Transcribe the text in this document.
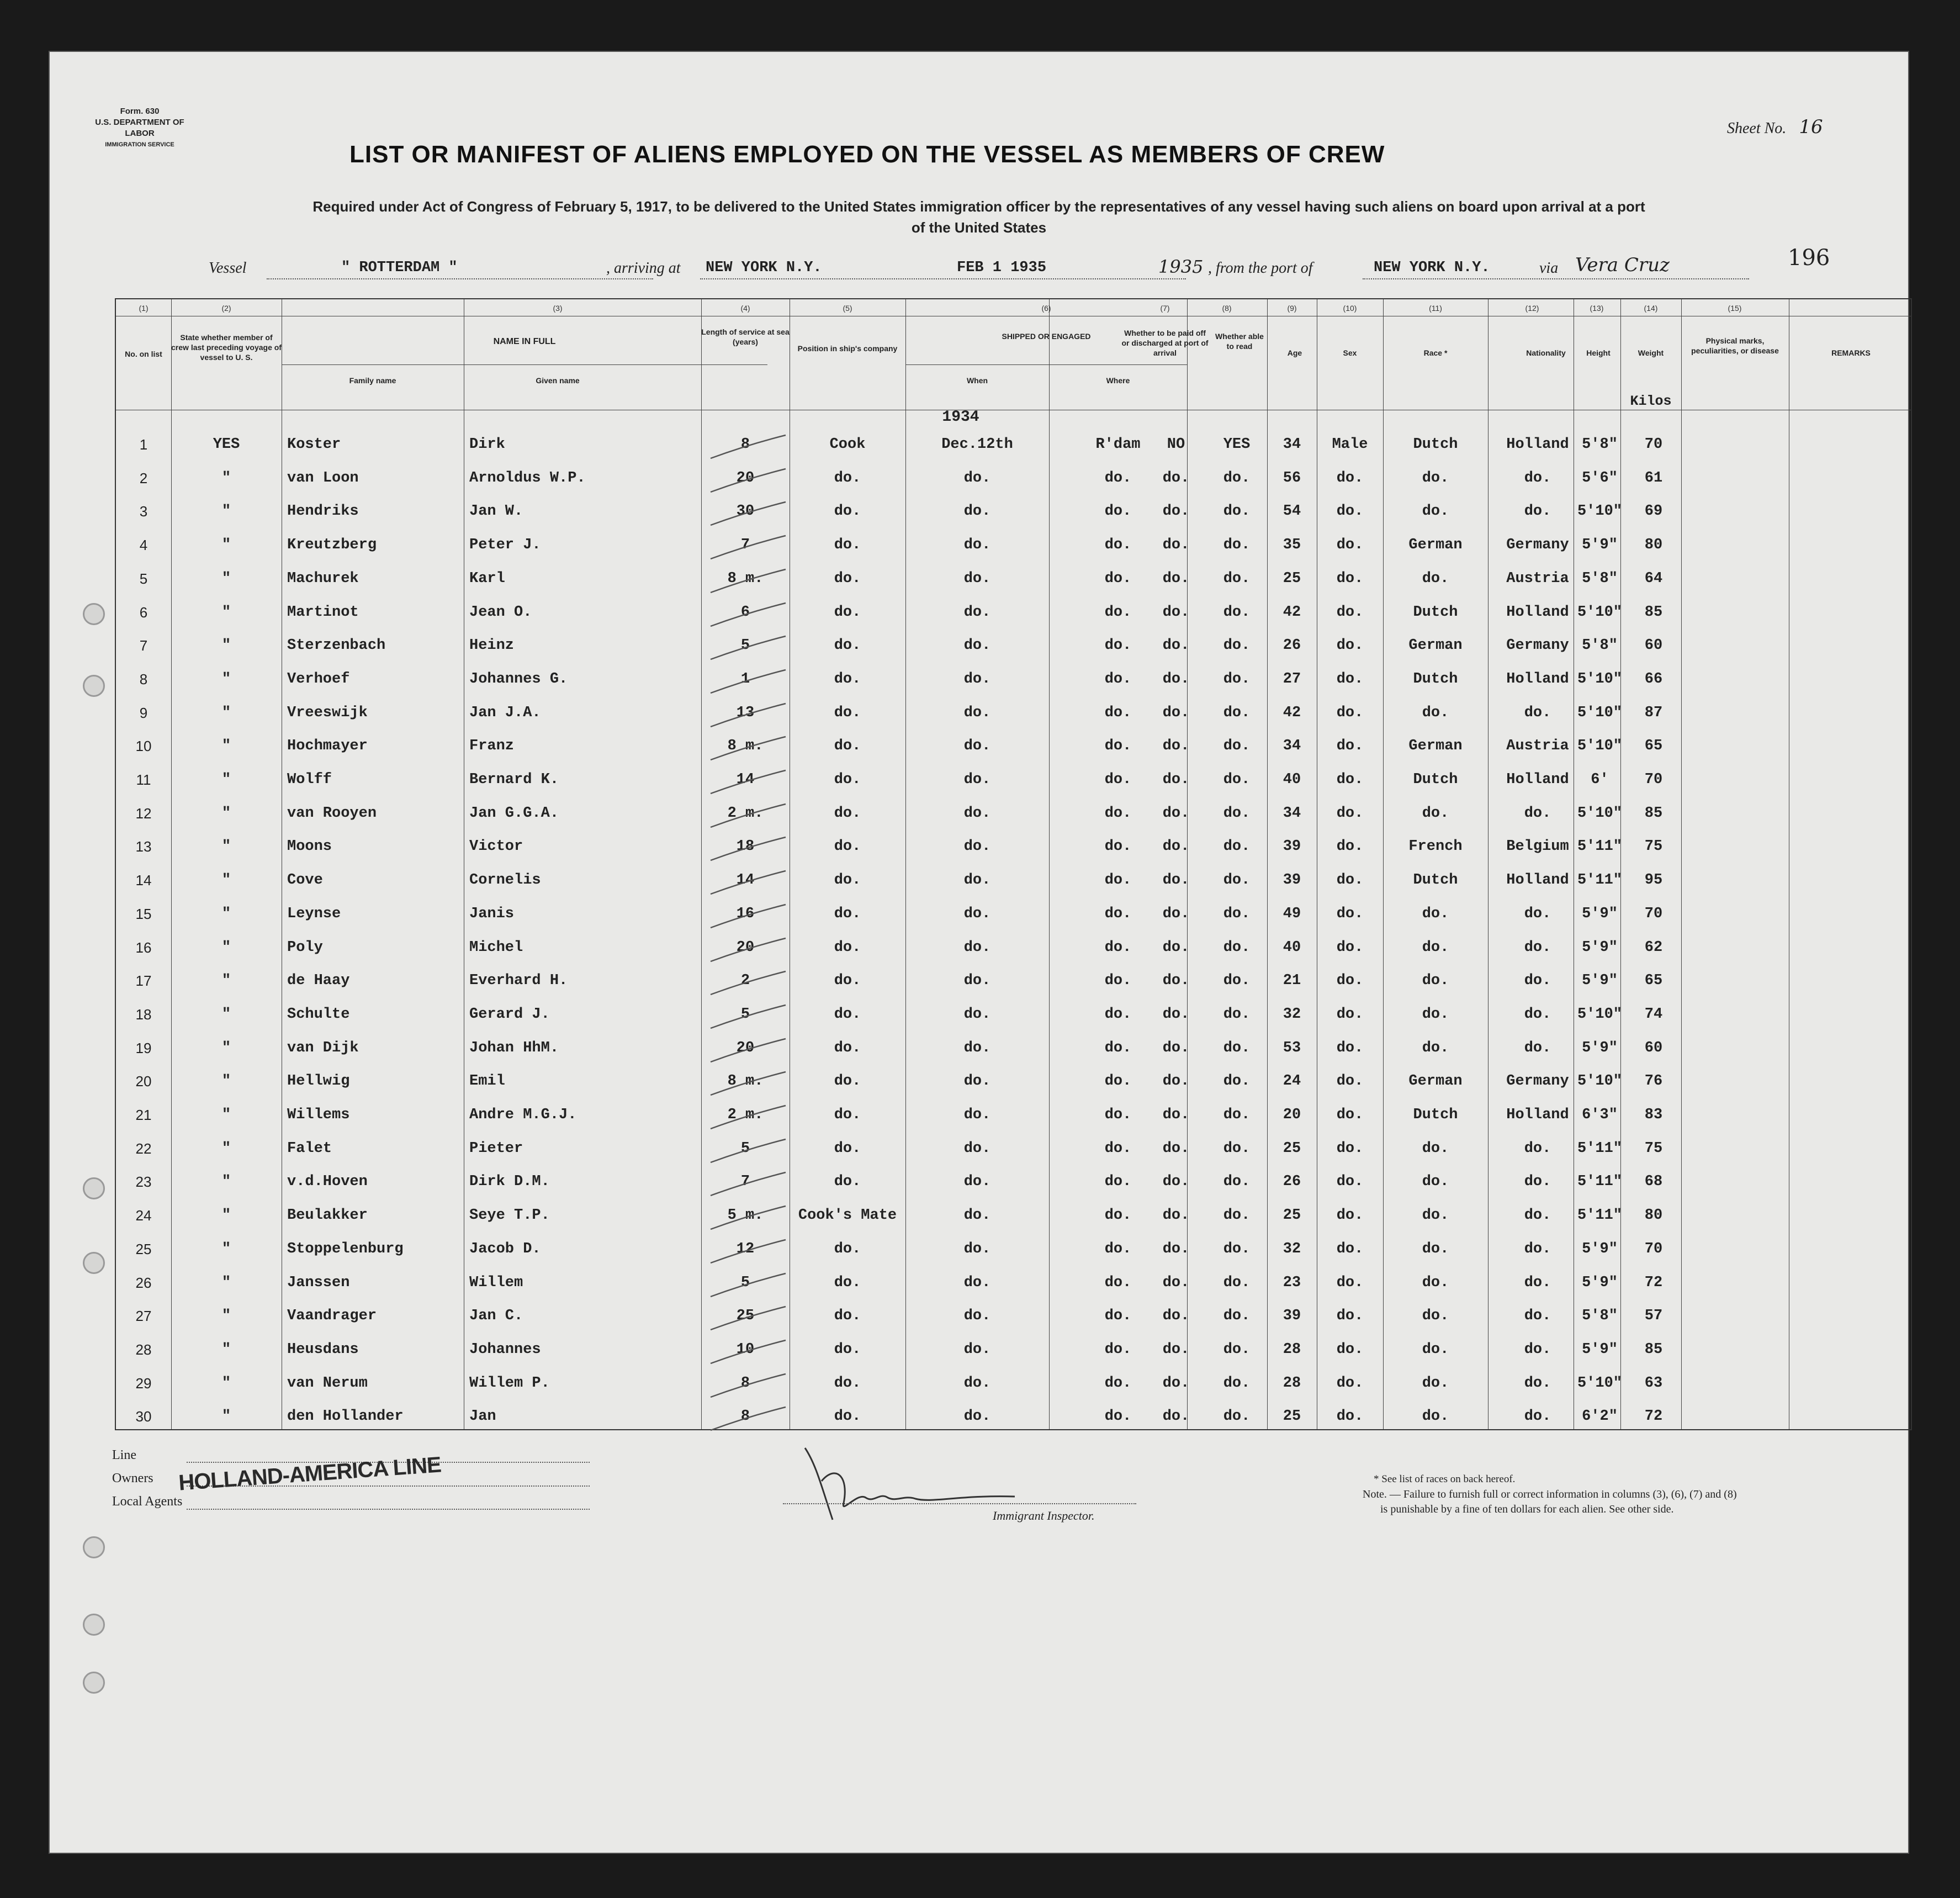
Form. 630
U.S. DEPARTMENT OF LABOR
IMMIGRATION SERVICE
Sheet No. 16
LIST OR MANIFEST OF ALIENS EMPLOYED ON THE VESSEL AS MEMBERS OF CREW
Required under Act of Congress of February 5, 1917, to be delivered to the United States immigration officer by the representatives of any vessel having such aliens on board upon arrival at a port
of the United States
Vessel	" ROTTERDAM "	, arriving at NEW YORK N.Y.	FEB 1 1935	1935 , from the port of	NEW YORK N.Y.	via Vera Cruz	196
No. on list
State whether member of crew last preceding voyage of vessel to U. S.
NAME IN FULL
Family name	Given name
Length of service at sea (years)
Position in ship's company
SHIPPED OR ENGAGED
When	Where
Whether to be paid off or discharged at port of arrival
Whether able to read
Age	Sex	Race *	Nationality	Height	Weight
Kilos
Physical marks, peculiarities, or disease	REMARKS
1934
(1)	(2)	(3)	(4)	(5)	(6)	(7)	(8)	(9)	(10)	(11)	(12)	(13)	(14)	(15)
1	YES	Koster	Dirk	8	Cook	Dec.12th	R'dam	NO	YES	34	Male	Dutch	Holland 5'8"	70
2	"	van Loon	Arnoldus W.P.	20	do.	do.	do.	do.	do.	56	do.	do.	do.	5'6"	61
3	"	Hendriks	Jan W.	30	do.	do.	do.	do.	do.	54	do.	do.	do.	5'10"	69
4	"	Kreutzberg	Peter J.	7	do.	do.	do.	do.	do.	35	do.	German	Germany 5'9"	80
5	"	Machurek	Karl	8 m.	do.	do.	do.	do.	do.	25	do.	do.	Austria 5'8"	64
6	"	Martinot	Jean O.	6	do.	do.	do.	do.	do.	42	do.	Dutch	Holland 5'10"	85
7	"	Sterzenbach	Heinz	5	do.	do.	do.	do.	do.	26	do.	German	Germany 5'8"	60
8	"	Verhoef	Johannes G.	1	do.	do.	do.	do.	do.	27	do.	Dutch	Holland 5'10"	66
9	"	Vreeswijk	Jan J.A.	13	do.	do.	do.	do.	do.	42	do.	do.	do.	5'10"	87
10	"	Hochmayer	Franz	8 m.	do.	do.	do.	do.	do.	34	do.	German	Austria 5'10"	65
11	"	Wolff	Bernard K.	14	do.	do.	do.	do.	do.	40	do.	Dutch	Holland	6'	70
12	"	van Rooyen	Jan G.G.A.	2 m.	do.	do.	do.	do.	do.	34	do.	do.	do.	5'10"	85
13	"	Moons	Victor	18	do.	do.	do.	do.	do.	39	do.	French	Belgium 5'11"	75
14	"	Cove	Cornelis	14	do.	do.	do.	do.	do.	39	do.	Dutch	Holland 5'11"	95
15	"	Leynse	Janis	16	do.	do.	do.	do.	do.	49	do.	do.	do.	5'9"	70
16	"	Poly	Michel	20	do.	do.	do.	do.	do.	40	do.	do.	do.	5'9"	62
17	"	de Haay	Everhard H.	2	do.	do.	do.	do.	do.	21	do.	do.	do.	5'9"	65
18	"	Schulte	Gerard J.	5	do.	do.	do.	do.	do.	32	do.	do.	do.	5'10"	74
19	"	van Dijk	Johan HhM.	20	do.	do.	do.	do.	do.	53	do.	do.	do.	5'9"	60
20	"	Hellwig	Emil	8 m.	do.	do.	do.	do.	do.	24	do.	German	Germany 5'10"	76
21	"	Willems	Andre M.G.J.	2 m.	do.	do.	do.	do.	do.	20	do.	Dutch	Holland 6'3"	83
22	"	Falet	Pieter	5	do.	do.	do.	do.	do.	25	do.	do.	do.	5'11"	75
23	"	v.d.Hoven	Dirk D.M.	7	do.	do.	do.	do.	do.	26	do.	do.	do.	5'11"	68
24	"	Beulakker	Seye T.P.	5 m.	Cook's Mate	do.	do.	do.	do.	25	do.	do.	do.	5'11"	80
25	"	Stoppelenburg	Jacob D.	12	do.	do.	do.	do.	do.	32	do.	do.	do.	5'9"	70
26	"	Janssen	Willem	5	do.	do.	do.	do.	do.	23	do.	do.	do.	5'9"	72
27	"	Vaandrager	Jan C.	25	do.	do.	do.	do.	do.	39	do.	do.	do.	5'8"	57
28	"	Heusdans	Johannes	10	do.	do.	do.	do.	do.	28	do.	do.	do.	5'9"	85
29	"	van Nerum	Willem P.	8	do.	do.	do.	do.	do.	28	do.	do.	do.	5'10"	63
30	"	den Hollander	Jan	8	do.	do.	do.	do.	do.	25	do.	do.	do.	6'2"	72
Line
Owners HOLLAND-AMERICA LINE
Local Agents
Immigrant Inspector.
* See list of races on back hereof.
Note. — Failure to furnish full or correct information in columns (3), (6), (7) and (8)
is punishable by a fine of ten dollars for each alien. See other side.
